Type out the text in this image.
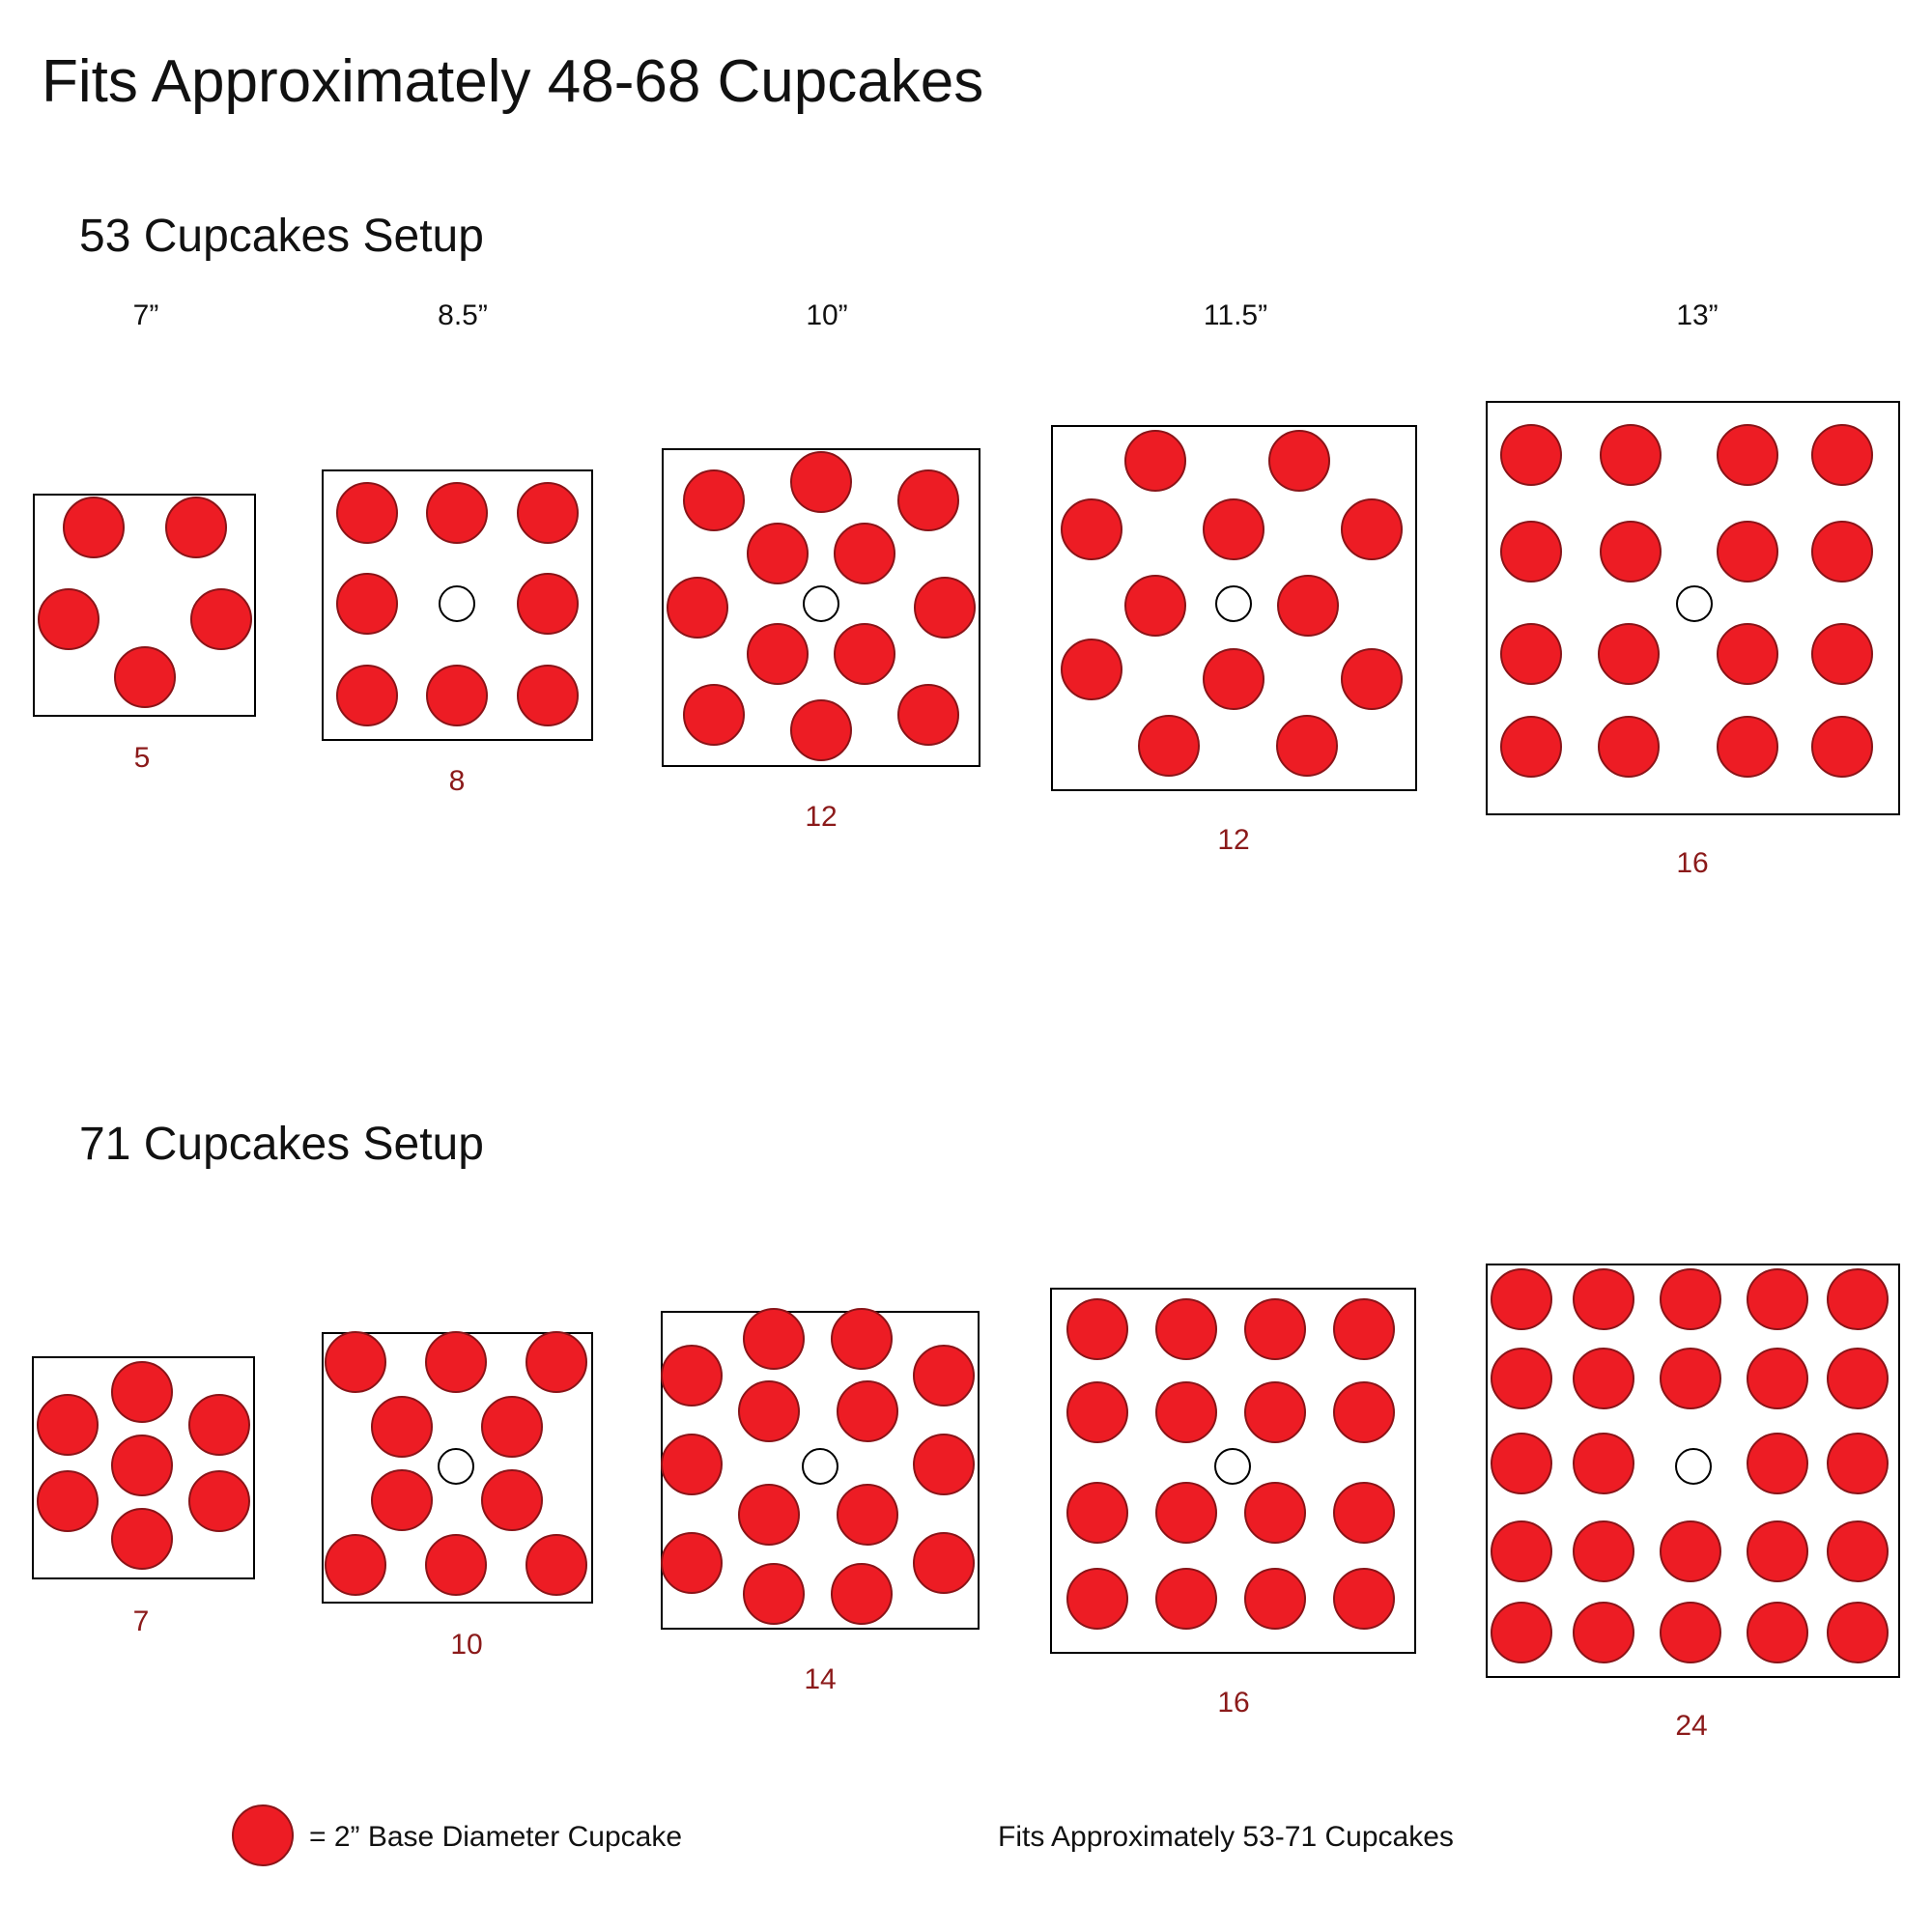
Fits Approximately 48-68 Cupcakes
53 Cupcakes Setup
71 Cupcakes Setup
7”	8.5”	10”	11.5”	13”
5
8
12
12
16
7
10
14
16
24
= 2” Base Diameter Cupcake	Fits Approximately 53-71 Cupcakes
